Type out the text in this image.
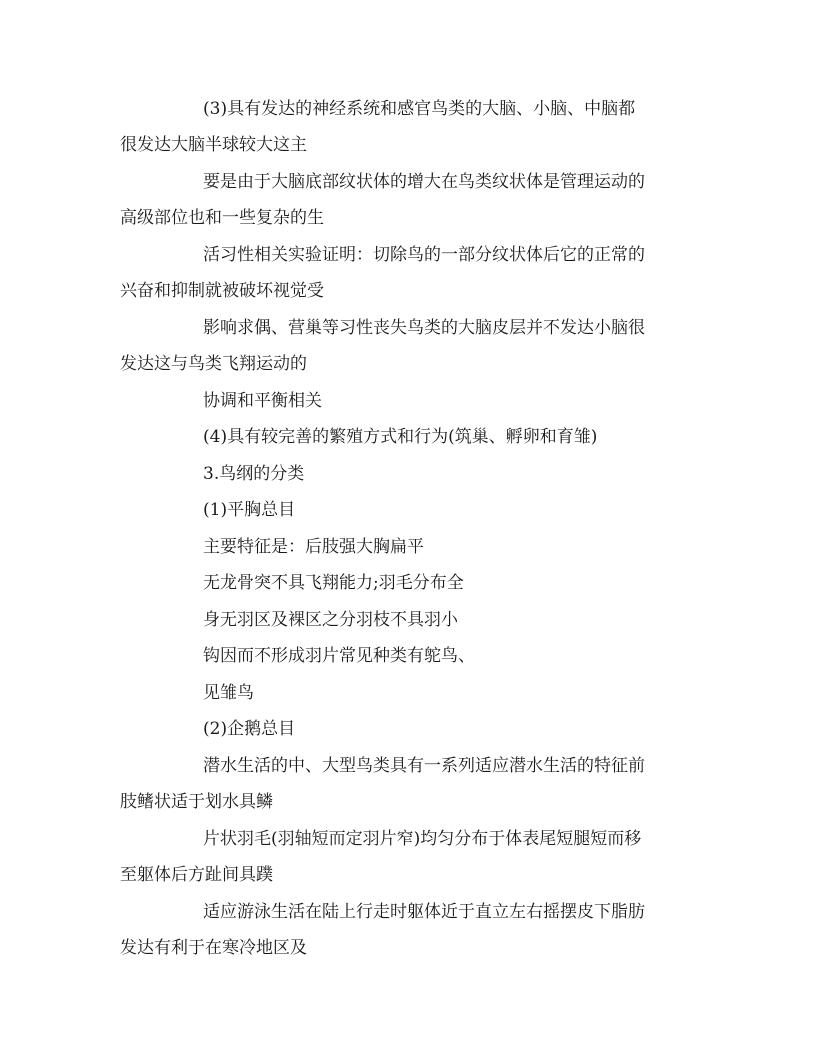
(3)具有发达的神经系统和感官鸟类的大脑、小脑、中脑都
很发达大脑半球较大这主
要是由于大脑底部纹状体的增大在鸟类纹状体是管理运动的
高级部位也和一些复杂的生
活习性相关实验证明：切除鸟的一部分纹状体后它的正常的
兴奋和抑制就被破坏视觉受
影响求偶、营巢等习性丧失鸟类的大脑皮层并不发达小脑很
发达这与鸟类飞翔运动的
协调和平衡相关
(4)具有较完善的繁殖方式和行为(筑巢、孵卵和育雏)
3.鸟纲的分类
(1)平胸总目
主要特征是：后肢强大胸扁平
无龙骨突不具飞翔能力;羽毛分布全
身无羽区及裸区之分羽枝不具羽小
钩因而不形成羽片常见种类有鸵鸟、
见雏鸟
(2)企鹅总目
潜水生活的中、大型鸟类具有一系列适应潜水生活的特征前
肢鳍状适于划水具鳞
片状羽毛(羽轴短而定羽片窄)均匀分布于体表尾短腿短而移
至躯体后方趾间具蹼
适应游泳生活在陆上行走时躯体近于直立左右摇摆皮下脂肪
发达有利于在寒冷地区及
